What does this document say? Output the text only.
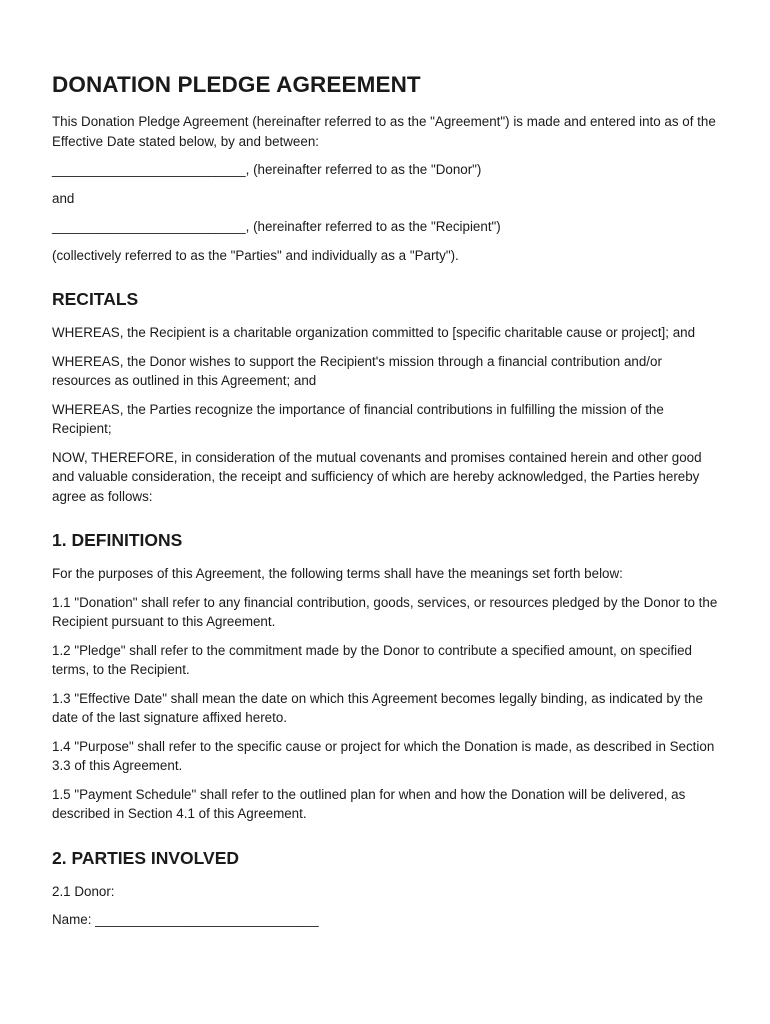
DONATION PLEDGE AGREEMENT

This Donation Pledge Agreement (hereinafter referred to as the "Agreement") is made and entered into as of the Effective Date stated below, by and between:

__________________________, (hereinafter referred to as the "Donor")

and

__________________________, (hereinafter referred to as the "Recipient")

(collectively referred to as the "Parties" and individually as a "Party").

RECITALS

WHEREAS, the Recipient is a charitable organization committed to [specific charitable cause or project]; and

WHEREAS, the Donor wishes to support the Recipient's mission through a financial contribution and/or resources as outlined in this Agreement; and

WHEREAS, the Parties recognize the importance of financial contributions in fulfilling the mission of the Recipient;

NOW, THEREFORE, in consideration of the mutual covenants and promises contained herein and other good and valuable consideration, the receipt and sufficiency of which are hereby acknowledged, the Parties hereby agree as follows:

1. DEFINITIONS

For the purposes of this Agreement, the following terms shall have the meanings set forth below:

1.1 "Donation" shall refer to any financial contribution, goods, services, or resources pledged by the Donor to the Recipient pursuant to this Agreement.

1.2 "Pledge" shall refer to the commitment made by the Donor to contribute a specified amount, on specified terms, to the Recipient.

1.3 "Effective Date" shall mean the date on which this Agreement becomes legally binding, as indicated by the date of the last signature affixed hereto.

1.4 "Purpose" shall refer to the specific cause or project for which the Donation is made, as described in Section 3.3 of this Agreement.

1.5 "Payment Schedule" shall refer to the outlined plan for when and how the Donation will be delivered, as described in Section 4.1 of this Agreement.

2. PARTIES INVOLVED

2.1 Donor:

Name: ______________________________
